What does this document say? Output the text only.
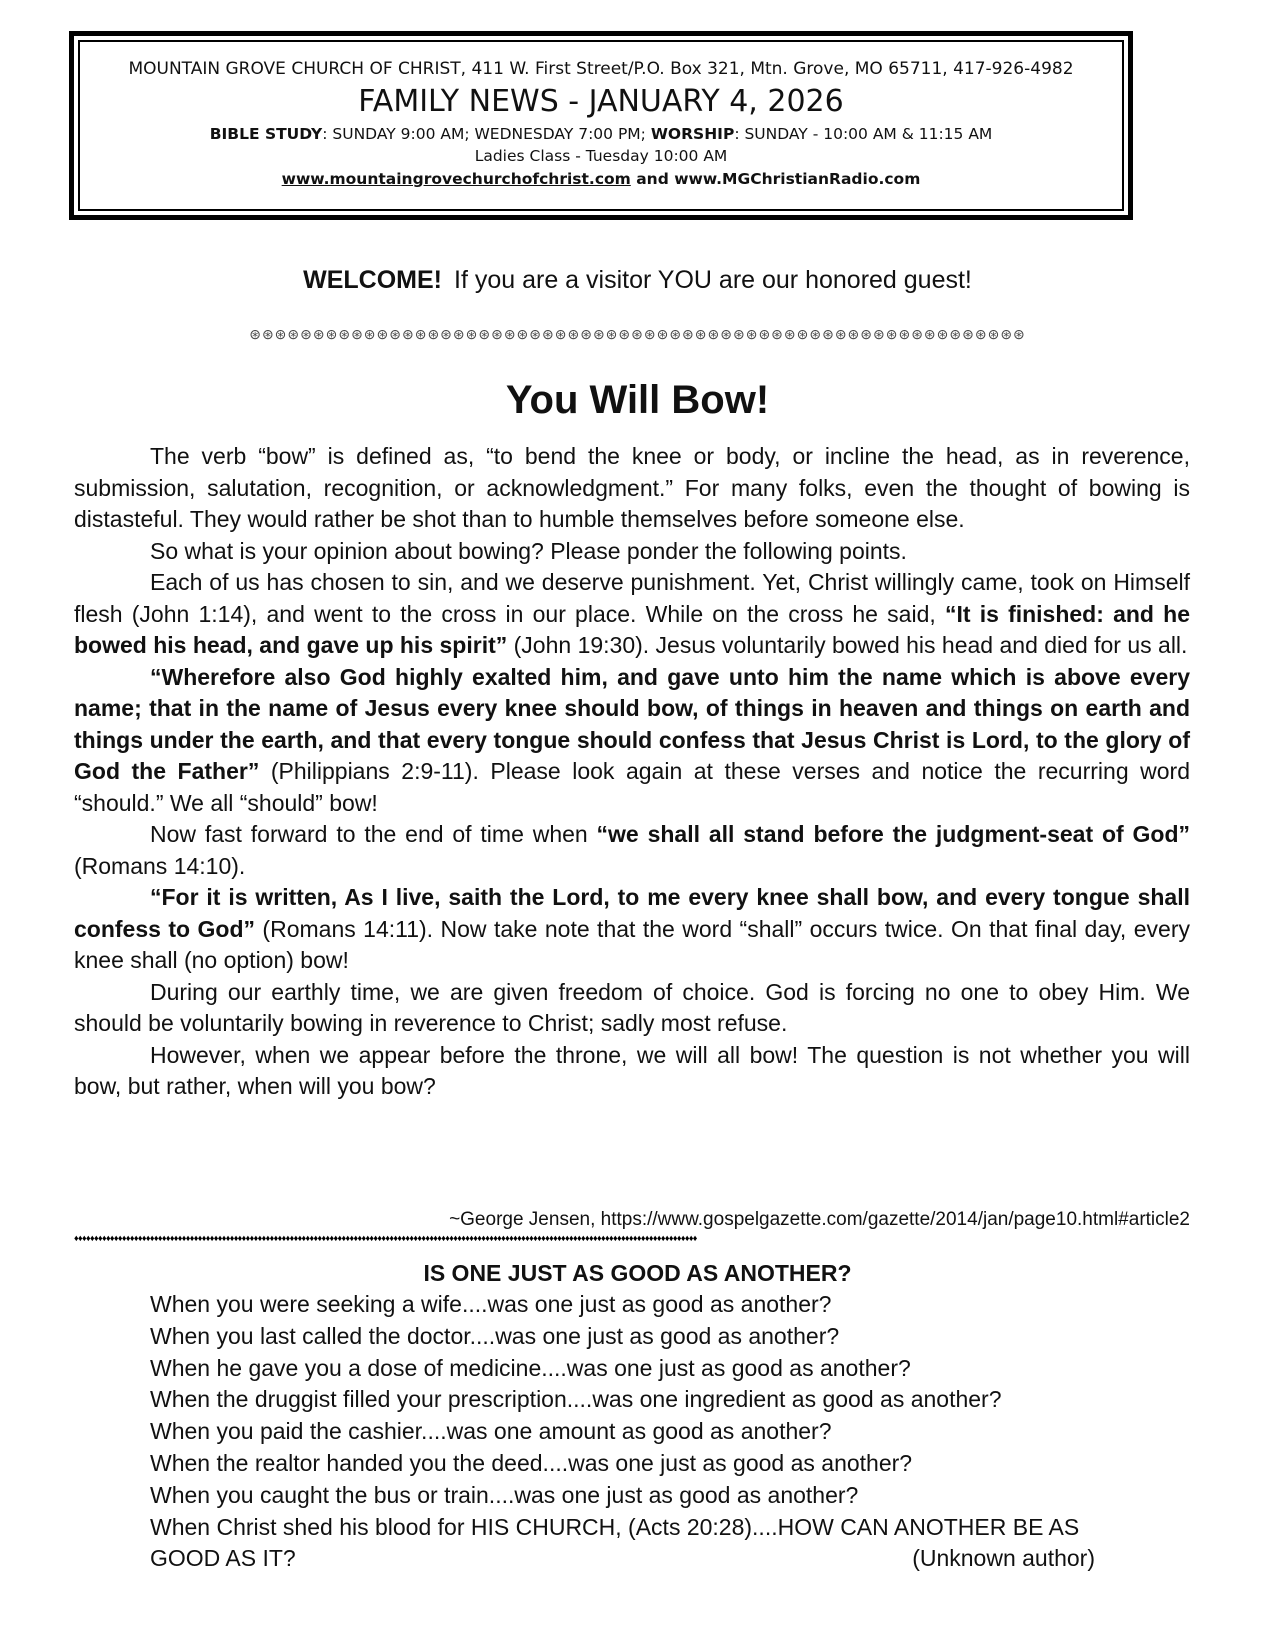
MOUNTAIN GROVE CHURCH OF CHRIST, 411 W. First Street/P.O. Box 321, Mtn. Grove, MO 65711, 417-926-4982
FAMILY NEWS - JANUARY 4, 2026
BIBLE STUDY: SUNDAY 9:00 AM; WEDNESDAY 7:00 PM; WORSHIP: SUNDAY - 10:00 AM & 11:15 AM
Ladies Class - Tuesday 10:00 AM
www.mountaingrovechurchofchrist.com and www.MGChristianRadio.com
WELCOME! If you are a visitor YOU are our honored guest!
⊛⊛⊛⊛⊛⊛⊛⊛⊛⊛⊛⊛⊛⊛⊛⊛⊛⊛⊛⊛⊛⊛⊛⊛⊛⊛⊛⊛⊛⊛⊛⊛⊛⊛⊛⊛⊛⊛⊛⊛⊛⊛⊛⊛⊛⊛⊛⊛⊛⊛⊛⊛⊛⊛⊛⊛⊛⊛⊛⊛⊛
You Will Bow!

The verb “bow” is defined as, “to bend the knee or body, or incline the head, as in reverence, submission, salutation, recognition, or acknowledgment.” For many folks, even the thought of bowing is distasteful. They would rather be shot than to humble themselves before someone else.

So what is your opinion about bowing? Please ponder the following points.

Each of us has chosen to sin, and we deserve punishment. Yet, Christ willingly came, took on Himself flesh (John 1:14), and went to the cross in our place. While on the cross he said, “It is finished: and he bowed his head, and gave up his spirit” (John 19:30). Jesus voluntarily bowed his head and died for us all.

“Wherefore also God highly exalted him, and gave unto him the name which is above every name; that in the name of Jesus every knee should bow, of things in heaven and things on earth and things under the earth, and that every tongue should confess that Jesus Christ is Lord, to the glory of God the Father” (Philippians 2:9-11). Please look again at these verses and notice the recurring word “should.” We all “should” bow!

Now fast forward to the end of time when “we shall all stand before the judgment-seat of God” (Romans 14:10).

“For it is written, As I live, saith the Lord, to me every knee shall bow, and every tongue shall confess to God” (Romans 14:11). Now take note that the word “shall” occurs twice. On that final day, every knee shall (no option) bow!

During our earthly time, we are given freedom of choice. God is forcing no one to obey Him. We should be voluntarily bowing in reverence to Christ; sadly most refuse.

However, when we appear before the throne, we will all bow! The question is not whether you will bow, but rather, when will you bow?

~George Jensen, https://www.gospelgazette.com/gazette/2014/jan/page10.html#article2
♦♦♦♦♦♦♦♦♦♦♦♦♦♦♦♦♦♦♦♦♦♦♦♦♦♦♦♦♦♦♦♦♦♦♦♦♦♦♦♦♦♦♦♦♦♦♦♦♦♦♦♦♦♦♦♦♦♦♦♦♦♦♦♦♦♦♦♦♦♦♦♦♦♦♦♦♦♦♦♦♦♦♦♦♦♦♦♦♦♦♦♦♦♦♦♦♦♦♦♦♦♦♦♦♦♦♦♦♦♦♦♦♦♦♦♦♦♦♦♦♦♦♦♦♦♦♦♦♦♦♦♦♦♦♦♦♦♦♦♦♦♦♦♦♦♦♦♦♦♦♦♦♦♦♦♦
IS ONE JUST AS GOOD AS ANOTHER?
When you were seeking a wife....was one just as good as another?
When you last called the doctor....was one just as good as another?
When he gave you a dose of medicine....was one just as good as another?
When the druggist filled your prescription....was one ingredient as good as another?
When you paid the cashier....was one amount as good as another?
When the realtor handed you the deed....was one just as good as another?
When you caught the bus or train....was one just as good as another?
When Christ shed his blood for HIS CHURCH, (Acts 20:28)....HOW CAN ANOTHER BE AS
GOOD AS IT?	(Unknown author)
